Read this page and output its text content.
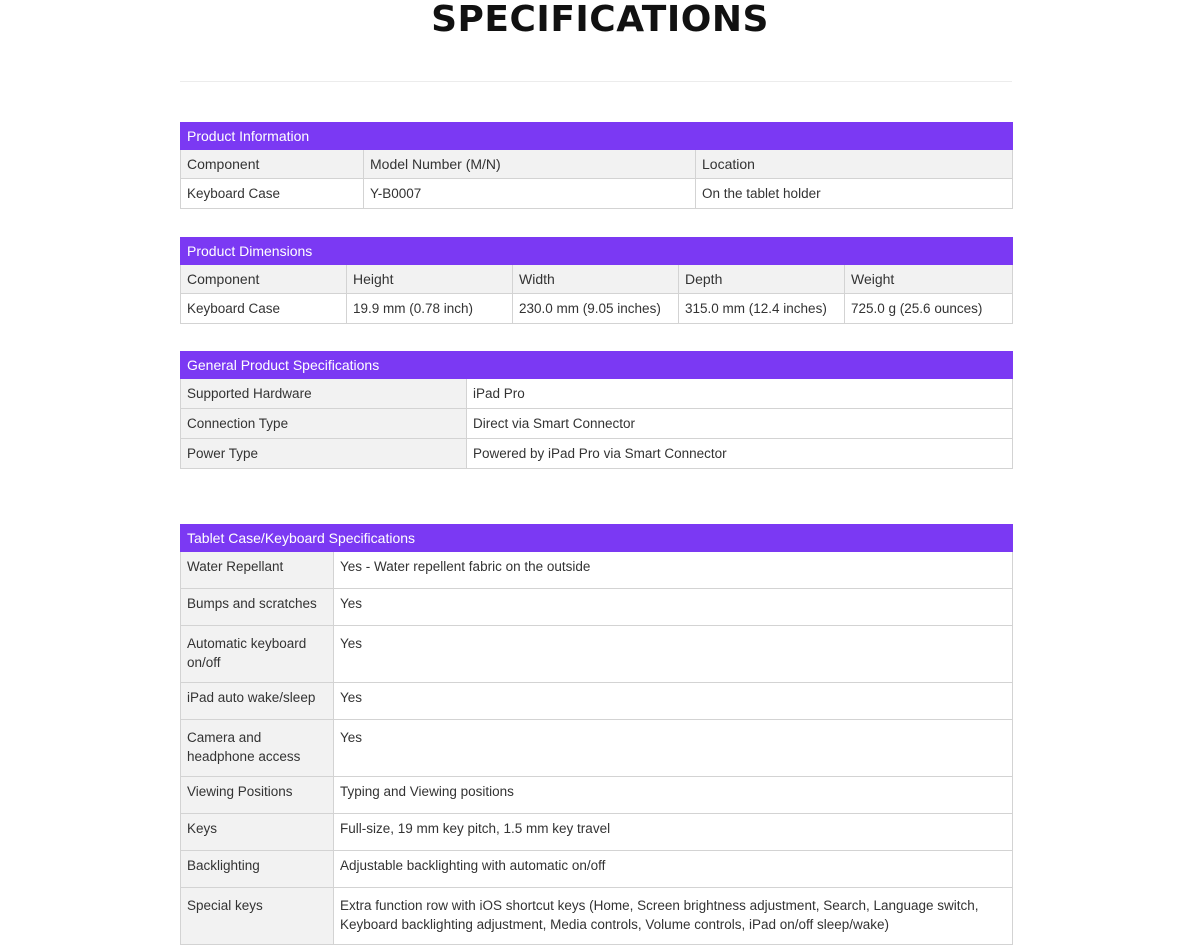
SPECIFICATIONS
Product Information		
Component	Model Number (M/N)	Location
Keyboard Case	Y-B0007	On the tablet holder
Product Dimensions				
Component	Height	Width	Depth	Weight
Keyboard Case	19.9 mm (0.78 inch)	230.0 mm (9.05 inches)	315.0 mm (12.4 inches)	725.0 g (25.6 ounces)
General Product Specifications	
Supported Hardware	iPad Pro
Connection Type	Direct via Smart Connector
Power Type	Powered by iPad Pro via Smart Connector
Tablet Case/Keyboard Specifications	
Water Repellant	Yes - Water repellent fabric on the outside
Bumps and scratches	Yes
Automatic keyboard on/off	Yes
iPad auto wake/sleep	Yes
Camera and headphone access	Yes
Viewing Positions	Typing and Viewing positions
Keys	Full-size, 19 mm key pitch, 1.5 mm key travel
Backlighting	Adjustable backlighting with automatic on/off
Special keys	Extra function row with iOS shortcut keys (Home, Screen brightness adjustment, Search, Language switch, Keyboard backlighting adjustment, Media controls, Volume controls, iPad on/off sleep/wake)
